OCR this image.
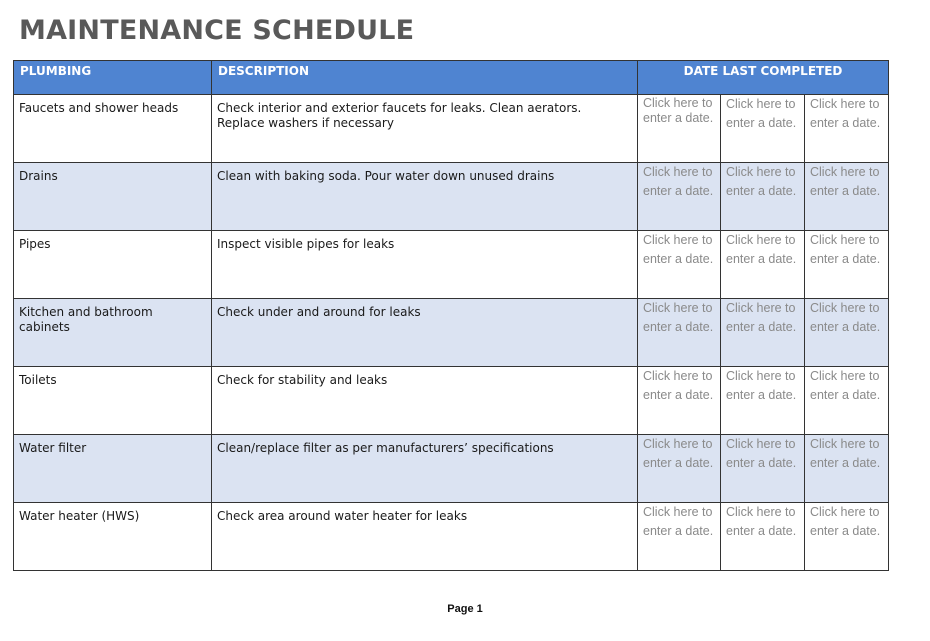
MAINTENANCE SCHEDULE
PLUMBING	DESCRIPTION	DATE LAST COMPLETED		
Faucets and shower heads	Check interior and exterior faucets for leaks. Clean aerators. Replace washers if necessary	Click here to enter a date.	Click here to enter a date.	Click here to enter a date.
Drains	Clean with baking soda. Pour water down unused drains	Click here to enter a date.	Click here to enter a date.	Click here to enter a date.
Pipes	Inspect visible pipes for leaks	Click here to enter a date.	Click here to enter a date.	Click here to enter a date.
Kitchen and bathroom cabinets	Check under and around for leaks	Click here to enter a date.	Click here to enter a date.	Click here to enter a date.
Toilets	Check for stability and leaks	Click here to enter a date.	Click here to enter a date.	Click here to enter a date.
Water filter	Clean/replace filter as per manufacturers’ specifications	Click here to enter a date.	Click here to enter a date.	Click here to enter a date.
Water heater (HWS)	Check area around water heater for leaks	Click here to enter a date.	Click here to enter a date.	Click here to enter a date.
Page 1
